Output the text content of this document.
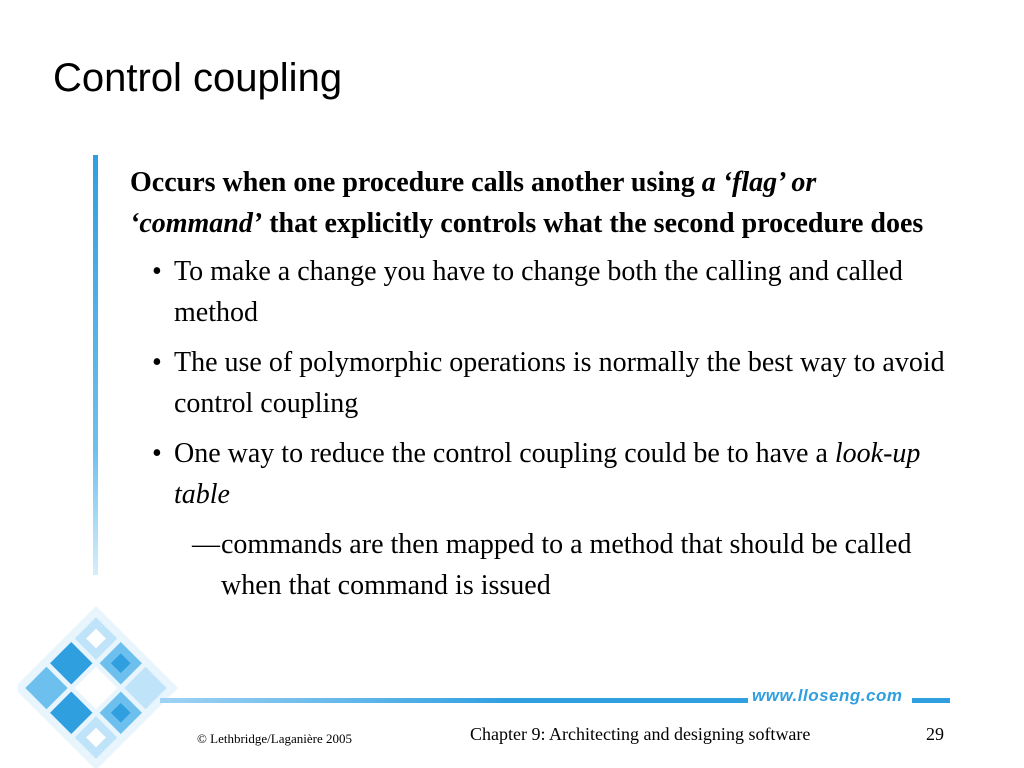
Control coupling

Occurs when one procedure calls another using a ‘flag’ or ‘command’ that explicitly controls what the second procedure does

• To make a change you have to change both the calling and called method

• The use of polymorphic operations is normally the best way to avoid control coupling

• One way to reduce the control coupling could be to have a look-up table

— commands are then mapped to a method that should be called when that command is issued

www.lloseng.com
© Lethbridge/Laganière 2005	Chapter 9: Architecting and designing software	29
